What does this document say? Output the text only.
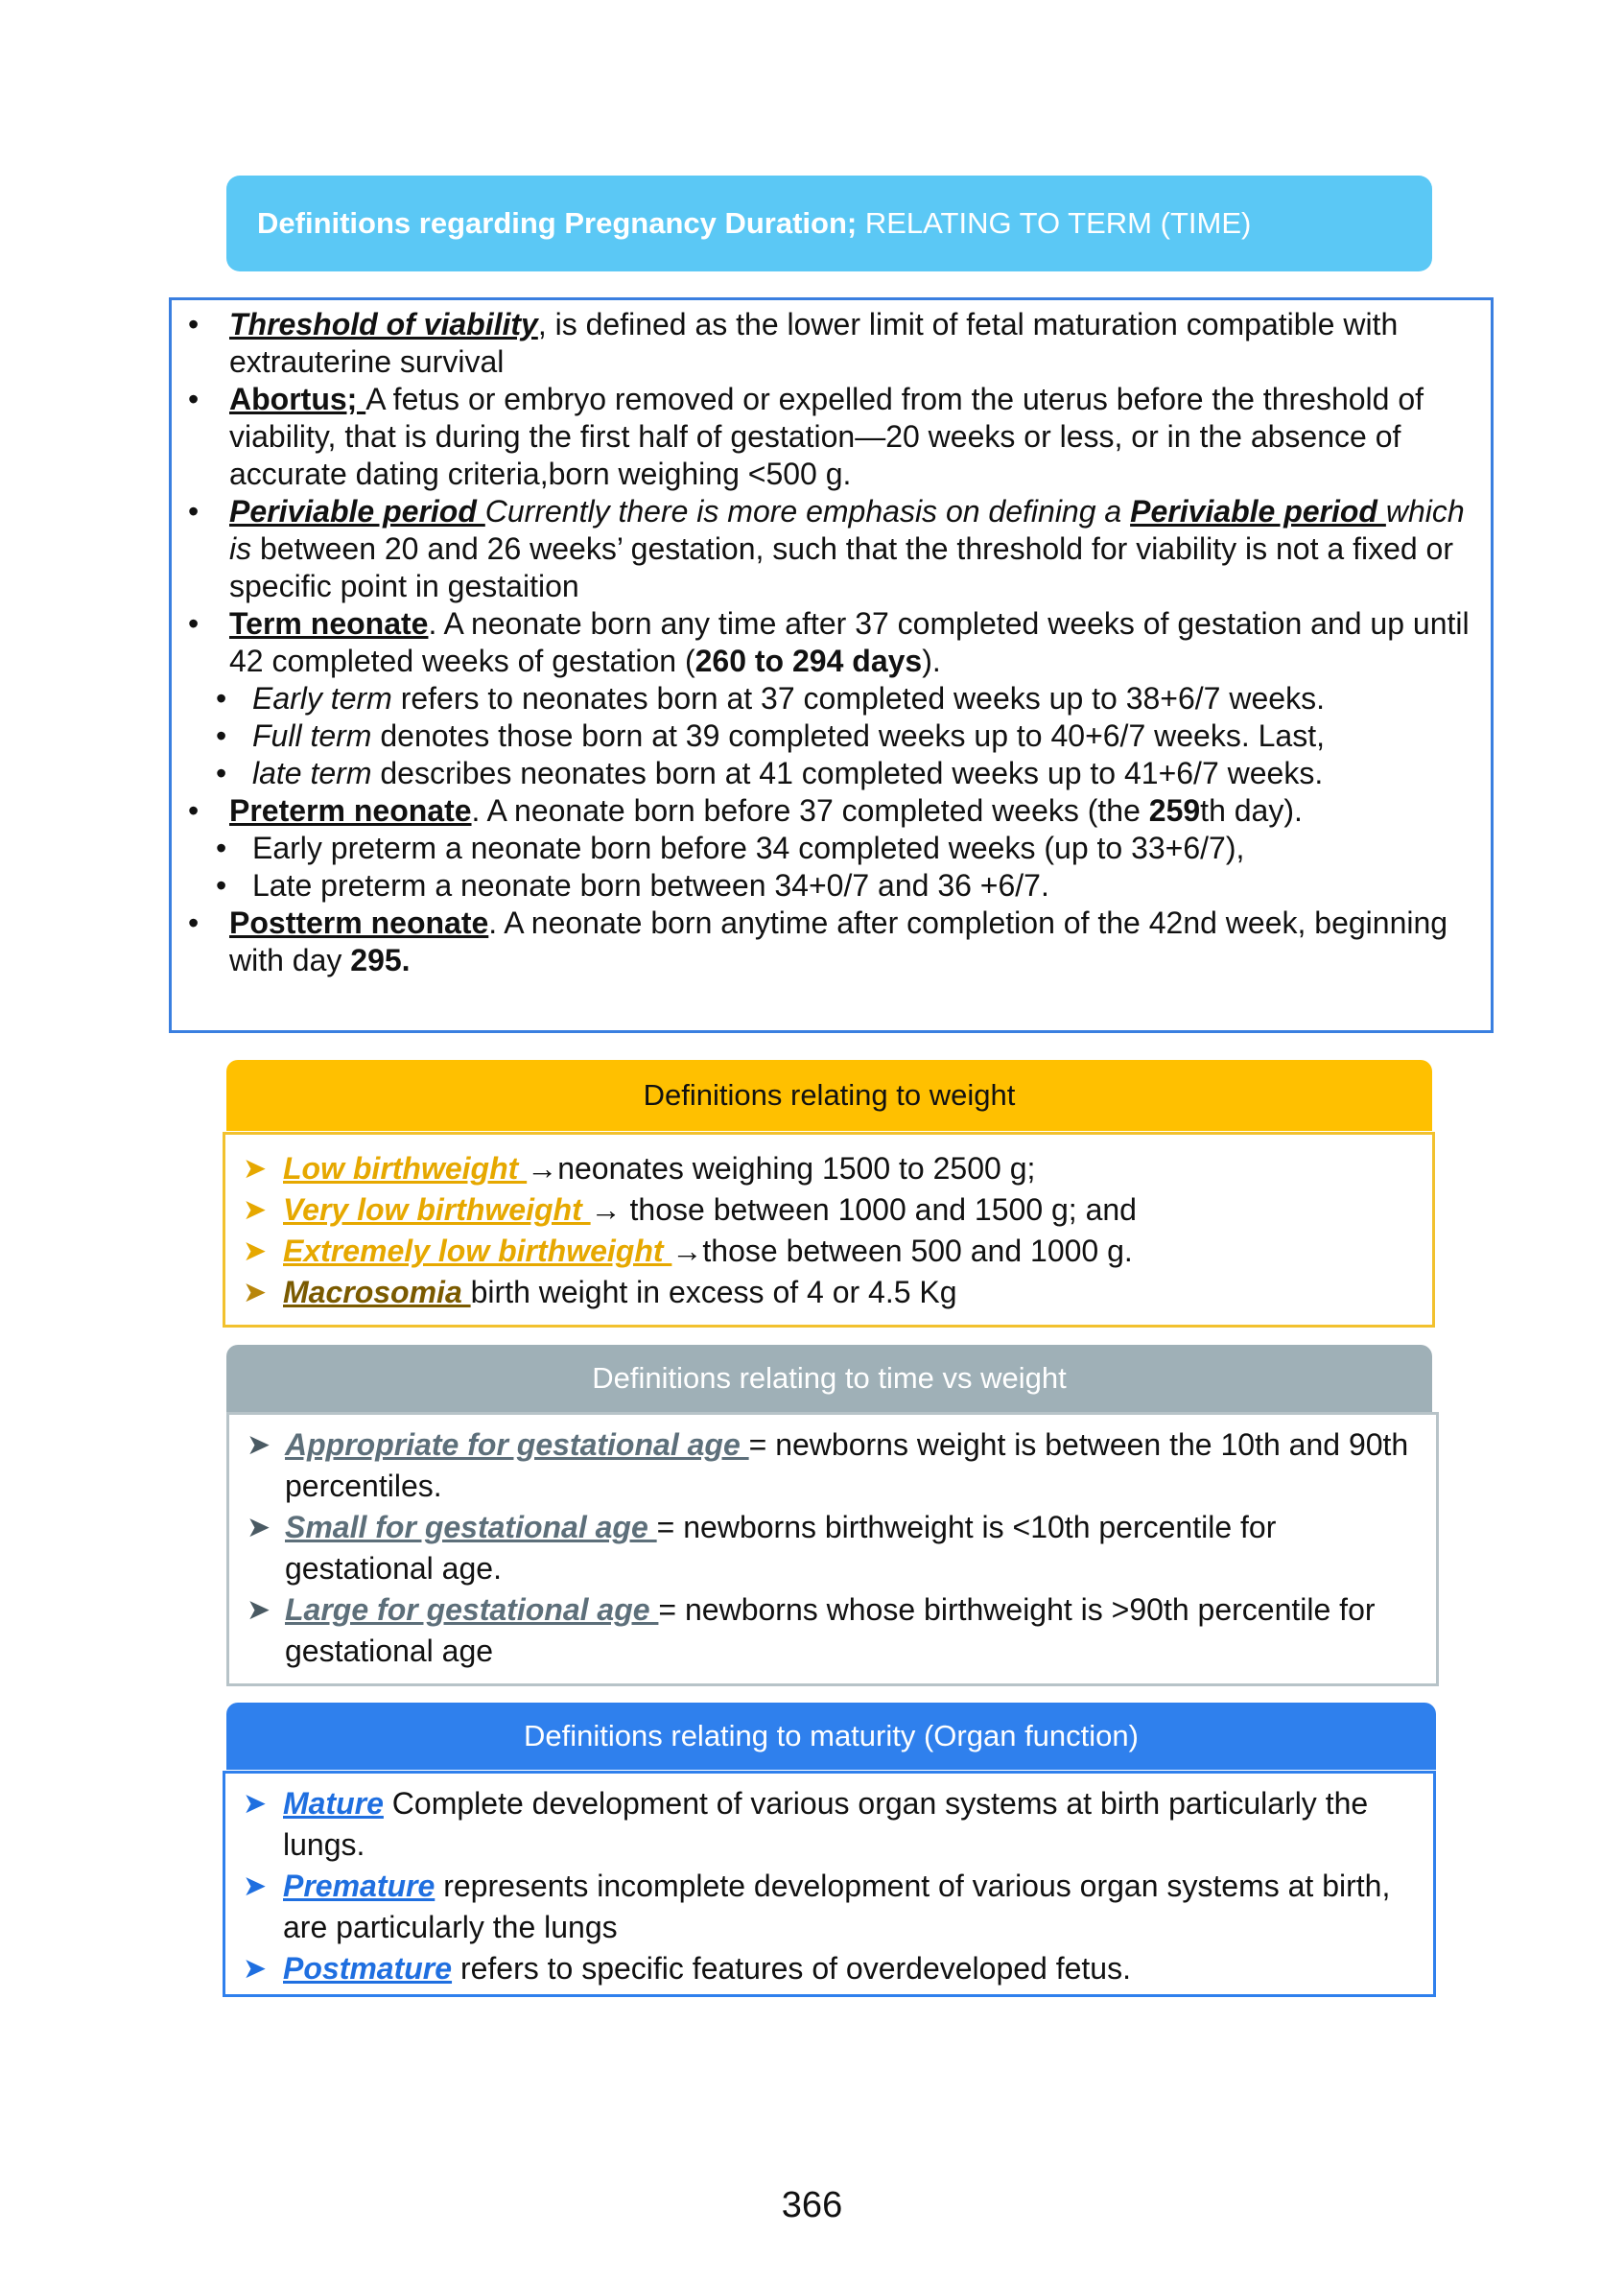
Definitions regarding Pregnancy Duration; RELATING TO TERM (TIME)
• Threshold of viability, is defined as the lower limit of fetal maturation compatible with extrauterine survival
• Abortus; A fetus or embryo removed or expelled from the uterus before the threshold of viability, that is during the first half of gestation—20 weeks or less, or in the absence of accurate dating criteria,born weighing <500 g.
• Periviable period Currently there is more emphasis on defining a Periviable period which is between 20 and 26 weeks’ gestation, such that the threshold for viability is not a fixed or specific point in gestaition
• Term neonate. A neonate born any time after 37 completed weeks of gestation and up until 42 completed weeks of gestation (260 to 294 days).
• Early term refers to neonates born at 37 completed weeks up to 38+6/7 weeks.
• Full term denotes those born at 39 completed weeks up to 40+6/7 weeks. Last,
• late term describes neonates born at 41 completed weeks up to 41+6/7 weeks.
• Preterm neonate. A neonate born before 37 completed weeks (the 259th day).
• Early preterm a neonate born before 34 completed weeks (up to 33+6/7),
• Late preterm a neonate born between 34+0/7 and 36 +6/7.
• Postterm neonate. A neonate born anytime after completion of the 42nd week, beginning with day 295.
Definitions relating to weight
➤ Low birthweight →neonates weighing 1500 to 2500 g;
➤ Very low birthweight → those between 1000 and 1500 g; and
➤ Extremely low birthweight →those between 500 and 1000 g.
➤ Macrosomia birth weight in excess of 4 or 4.5 Kg
Definitions relating to time vs weight
➤ Appropriate for gestational age = newborns weight is between the 10th and 90th percentiles.
➤ Small for gestational age = newborns birthweight is <10th percentile for gestational age.
➤ Large for gestational age = newborns whose birthweight is >90th percentile for gestational age
Definitions relating to maturity (Organ function)
➤ Mature Complete development of various organ systems at birth particularly the lungs.
➤ Premature represents incomplete development of various organ systems at birth, are particularly the lungs
➤ Postmature refers to specific features of overdeveloped fetus.
366
